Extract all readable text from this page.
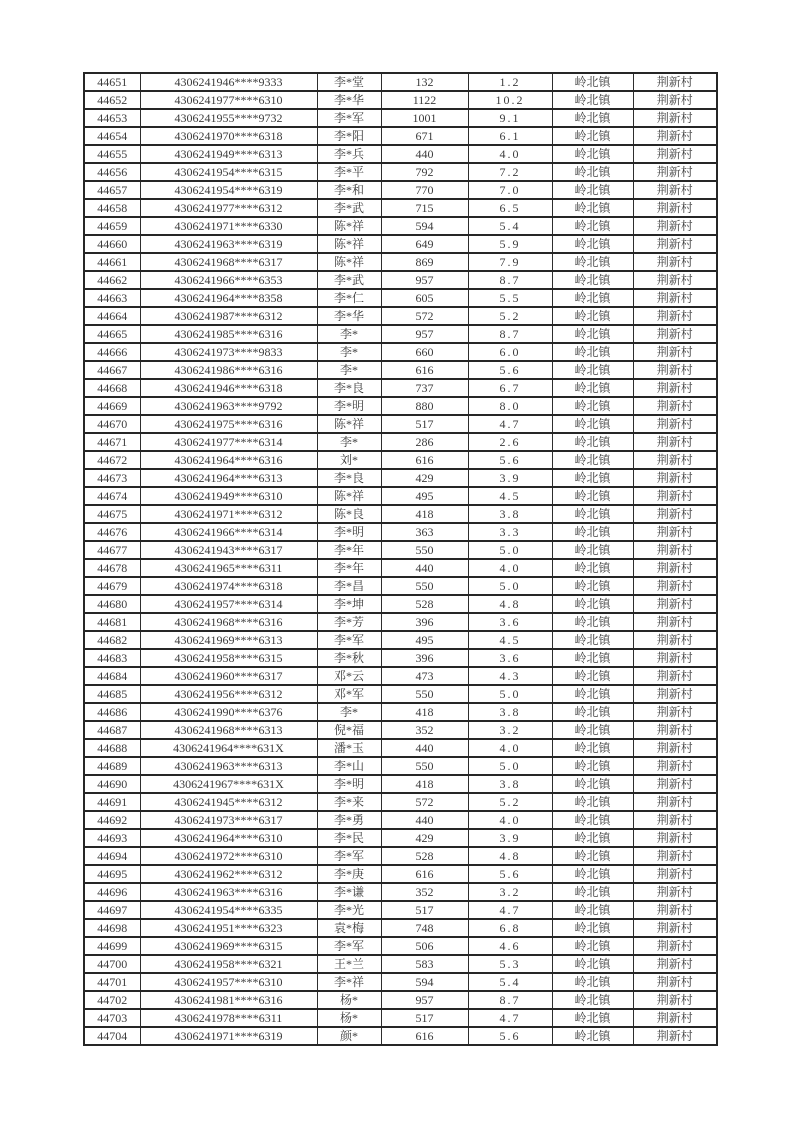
44651	4306241946****9333	李*堂	132	1.2	岭北镇	荆新村
44652	4306241977****6310	李*华	1122	10.2	岭北镇	荆新村
44653	4306241955****9732	李*军	1001	9.1	岭北镇	荆新村
44654	4306241970****6318	李*阳	671	6.1	岭北镇	荆新村
44655	4306241949****6313	李*兵	440	4.0	岭北镇	荆新村
44656	4306241954****6315	李*平	792	7.2	岭北镇	荆新村
44657	4306241954****6319	李*和	770	7.0	岭北镇	荆新村
44658	4306241977****6312	李*武	715	6.5	岭北镇	荆新村
44659	4306241971****6330	陈*祥	594	5.4	岭北镇	荆新村
44660	4306241963****6319	陈*祥	649	5.9	岭北镇	荆新村
44661	4306241968****6317	陈*祥	869	7.9	岭北镇	荆新村
44662	4306241966****6353	李*武	957	8.7	岭北镇	荆新村
44663	4306241964****8358	李*仁	605	5.5	岭北镇	荆新村
44664	4306241987****6312	李*华	572	5.2	岭北镇	荆新村
44665	4306241985****6316	李*	957	8.7	岭北镇	荆新村
44666	4306241973****9833	李*	660	6.0	岭北镇	荆新村
44667	4306241986****6316	李*	616	5.6	岭北镇	荆新村
44668	4306241946****6318	李*良	737	6.7	岭北镇	荆新村
44669	4306241963****9792	李*明	880	8.0	岭北镇	荆新村
44670	4306241975****6316	陈*祥	517	4.7	岭北镇	荆新村
44671	4306241977****6314	李*	286	2.6	岭北镇	荆新村
44672	4306241964****6316	刘*	616	5.6	岭北镇	荆新村
44673	4306241964****6313	李*良	429	3.9	岭北镇	荆新村
44674	4306241949****6310	陈*祥	495	4.5	岭北镇	荆新村
44675	4306241971****6312	陈*良	418	3.8	岭北镇	荆新村
44676	4306241966****6314	李*明	363	3.3	岭北镇	荆新村
44677	4306241943****6317	李*年	550	5.0	岭北镇	荆新村
44678	4306241965****6311	李*年	440	4.0	岭北镇	荆新村
44679	4306241974****6318	李*昌	550	5.0	岭北镇	荆新村
44680	4306241957****6314	李*坤	528	4.8	岭北镇	荆新村
44681	4306241968****6316	李*芳	396	3.6	岭北镇	荆新村
44682	4306241969****6313	李*军	495	4.5	岭北镇	荆新村
44683	4306241958****6315	李*秋	396	3.6	岭北镇	荆新村
44684	4306241960****6317	邓*云	473	4.3	岭北镇	荆新村
44685	4306241956****6312	邓*军	550	5.0	岭北镇	荆新村
44686	4306241990****6376	李*	418	3.8	岭北镇	荆新村
44687	4306241968****6313	倪*福	352	3.2	岭北镇	荆新村
44688	4306241964****631X	潘*玉	440	4.0	岭北镇	荆新村
44689	4306241963****6313	李*山	550	5.0	岭北镇	荆新村
44690	4306241967****631X	李*明	418	3.8	岭北镇	荆新村
44691	4306241945****6312	李*来	572	5.2	岭北镇	荆新村
44692	4306241973****6317	李*勇	440	4.0	岭北镇	荆新村
44693	4306241964****6310	李*民	429	3.9	岭北镇	荆新村
44694	4306241972****6310	李*军	528	4.8	岭北镇	荆新村
44695	4306241962****6312	李*庚	616	5.6	岭北镇	荆新村
44696	4306241963****6316	李*谦	352	3.2	岭北镇	荆新村
44697	4306241954****6335	李*光	517	4.7	岭北镇	荆新村
44698	4306241951****6323	袁*梅	748	6.8	岭北镇	荆新村
44699	4306241969****6315	李*军	506	4.6	岭北镇	荆新村
44700	4306241958****6321	王*兰	583	5.3	岭北镇	荆新村
44701	4306241957****6310	李*祥	594	5.4	岭北镇	荆新村
44702	4306241981****6316	杨*	957	8.7	岭北镇	荆新村
44703	4306241978****6311	杨*	517	4.7	岭北镇	荆新村
44704	4306241971****6319	颜*	616	5.6	岭北镇	荆新村
